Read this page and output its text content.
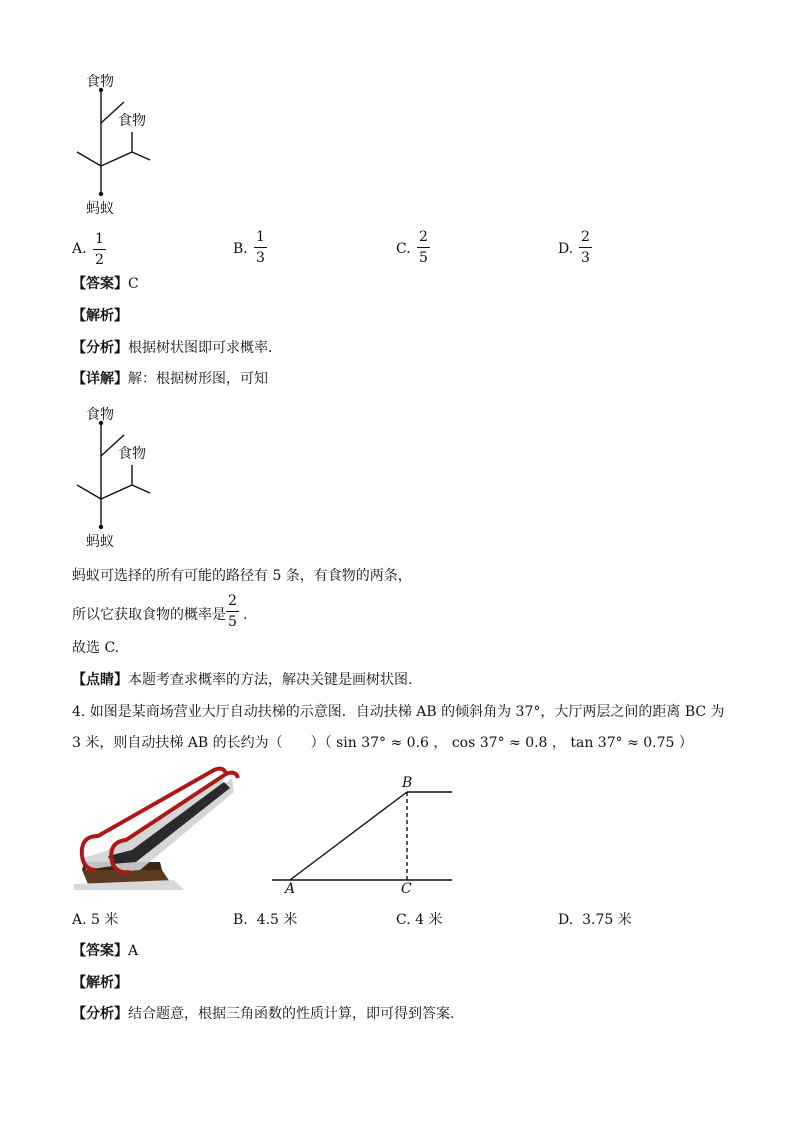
食物
食物
蚂蚁
A.
1
2
B.
1
3
C.
2
5
D.
2
3
【答案】C
【解析】
【分析】根据树状图即可求概率.
【详解】解：根据树形图，可知
食物
食物
蚂蚁
蚂蚁可选择的所有可能的路径有 5 条，有食物的两条，
所以它获取食物的概率是
2
5 .
故选 C.
【点睛】本题考查求概率的方法，解决关键是画树状图.
4. 如图是某商场营业大厅自动扶梯的示意图．自动扶梯 AB 的倾斜角为 37°，大厅两层之间的距离 BC 为
3 米，则自动扶梯 AB 的长约为（　　）（ sin 37° ≈ 0.6 ， cos 37° ≈ 0.8 ， tan 37° ≈ 0.75 ）
A
B
C
A. 5 米	B. 4.5 米	C. 4 米	D. 3.75 米
【答案】A
【解析】
【分析】结合题意，根据三角函数的性质计算，即可得到答案.
